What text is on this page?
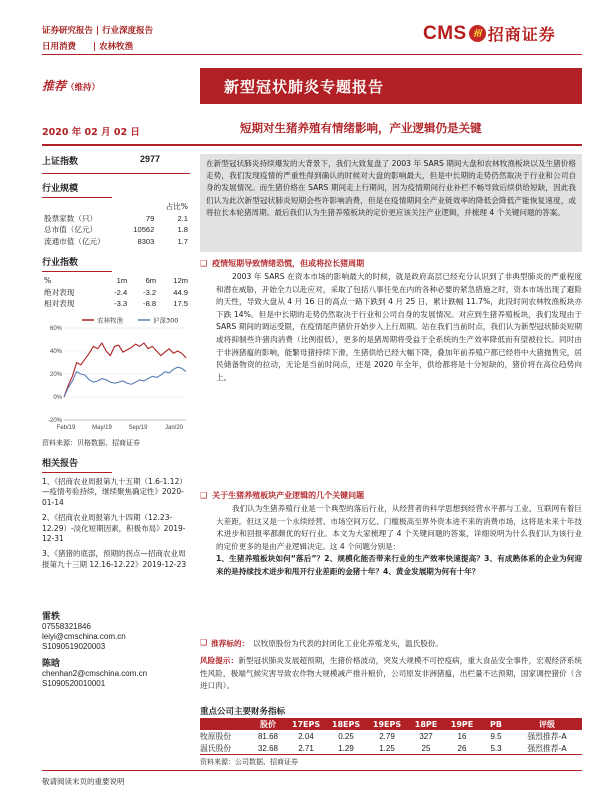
证券研究报告 | 行业深度报告
日用消费 | 农林牧渔
CMS 招 招商证券
推荐（维持）	新型冠状肺炎专题报告
2020 年 02 月 02 日	短期对生猪养殖有情绪影响，产业逻辑仍是关键
上证指数	2977
行业规模
		占比%
股票家数（只）	79	2.1
总市值（亿元）	10562	1.8
流通市值（亿元）	8303	1.7
行业指数
%	1m	6m	12m
绝对表现	-2.4	-3.2	44.9
相对表现	-3.3	-8.8	17.5
农林牧渔	沪深300
60%
40%
20%
0%
-20%
Feb/19	May/19	Sep/19	Jan/20
资料来源：贝格数据、招商证券
相关报告
1、《招商农业周报第九十五期（1.6-1.12）—疫情考验持续，继续聚焦确定性》2020-01-14
2、《招商农业周报第九十四期（12.23-12.29）-淡化短期因素，积极布局》2019-12-31
3、《猪猪的底部，预期的拐点—招商农业周报第九十三期 12.16-12.22》2019-12-23
雷轶
07558321846
leiyi@cmschina.com.cn
S1090519020003
陈晗
chenhan2@cmschina.com.cn
S1090520010001
在新型冠状肺炎持续爆发的大背景下，我们大致复盘了 2003 年 SARS 期间大盘和农林牧渔板块以及生猪价格走势，我们发现疫情的严重性得到确认的时候对大盘的影响最大，但是中长期的走势仍然取决于行业和公司自身的发展情况。而生猪价格在 SARS 期间走上行期间，因为疫情期间行业补栏不畅导致后续供给短缺，因此我们认为此次新型冠状肺炎短期会些许影响消费，但是在疫情期间全产业链效率的降低会降低产能恢复速度，或将拉长本轮猪周期。最后我们认为生猪养殖板块的定价更应该关注产业逻辑，并梳理 4 个关键问题的答案。
❑ 疫情短期导致情绪恐慌，但或将拉长猪周期
2003 年 SARS 在资本市场的影响最大的时候，就是政府高层已经充分认识到了非典型肺炎的严重程度和潜在威胁，开始全力以赴应对，采取了包括八事任免在内的各种必要的紧急措施之时，资本市场出现了避险的天性，导致大盘从 4 月 16 日的高点一路下跌到 4 月 25 日，累计跌幅 11.7%，此段时间农林牧渔板块亦下跌 14%。但是中长期的走势仍然取决于行业和公司自身的发展情况。对应到生猪养殖板块，我们发现由于 SARS 期间的调运受限，在疫情尾声猪价开始步入上行周期。站在我们当前时点，我们认为新型冠状肺炎短期或将抑制些许猪肉消费（比例很低），更多的是猪周期将受益于全系统的生产效率降低而有望被拉长。同时由于非洲猪瘟的影响，能繁母猪持续下滑，生猪供给已经大幅下降，叠加年前养殖户都已经将中大猪抛售完，居民储备物资的拉动，无论是当前时间点，还是 2020 年全年，供给都将是十分短缺的，猪价将在高位趋势向上。
❑ 关于生猪养殖板块产业逻辑的几个关键问题
我们认为生猪养殖行业是一个典型的落后行业，从经营者的科学思想到经营水平都与工业、互联网有着巨大差距。但这又是一个永续经营、市场空间万亿、门槛极高至界外资本进不来的消费市场，这将是未来十年技术进步和回报率都颇优的好行业。本文为大家梳理了 4 个关键问题的答案，详细说明为什么我们认为该行业的定价更多的是由产业逻辑决定。这 4 个问题分别是：
1、生猪养殖板块如何“落后”？2、规模化能否带来行业的生产效率快速提高？3、有成熟体系的企业为何迎来的是持续技术进步和甩开行业差距的金猪十年？4、黄金发展期为何有十年？
❑ 推荐标的： 以牧原股份为代表的封闭化工业化养殖龙头，温氏股份。
风险提示：新型冠状肺炎发展超预期，生猪价格波动，突发大规模不可控疫病，重大食品安全事件，宏观经济系统性风险，极端气候灾害导致农作物大规模减产推升粮价，公司原发非洲猪瘟，出栏量不达预期，国家调控猪价（含进口肉）。
重点公司主要财务指标
股价	17EPS	18EPS	19EPS	18PE	19PE	PB	评级
牧原股份	81.68	2.04	0.25	2.79	327	16	9.5	强烈推荐-A
温氏股份	32.68	2.71	1.29	1.25	25	26	5.3	强烈推荐-A
资料来源：公司数据、招商证券
敬请阅读末页的重要说明
